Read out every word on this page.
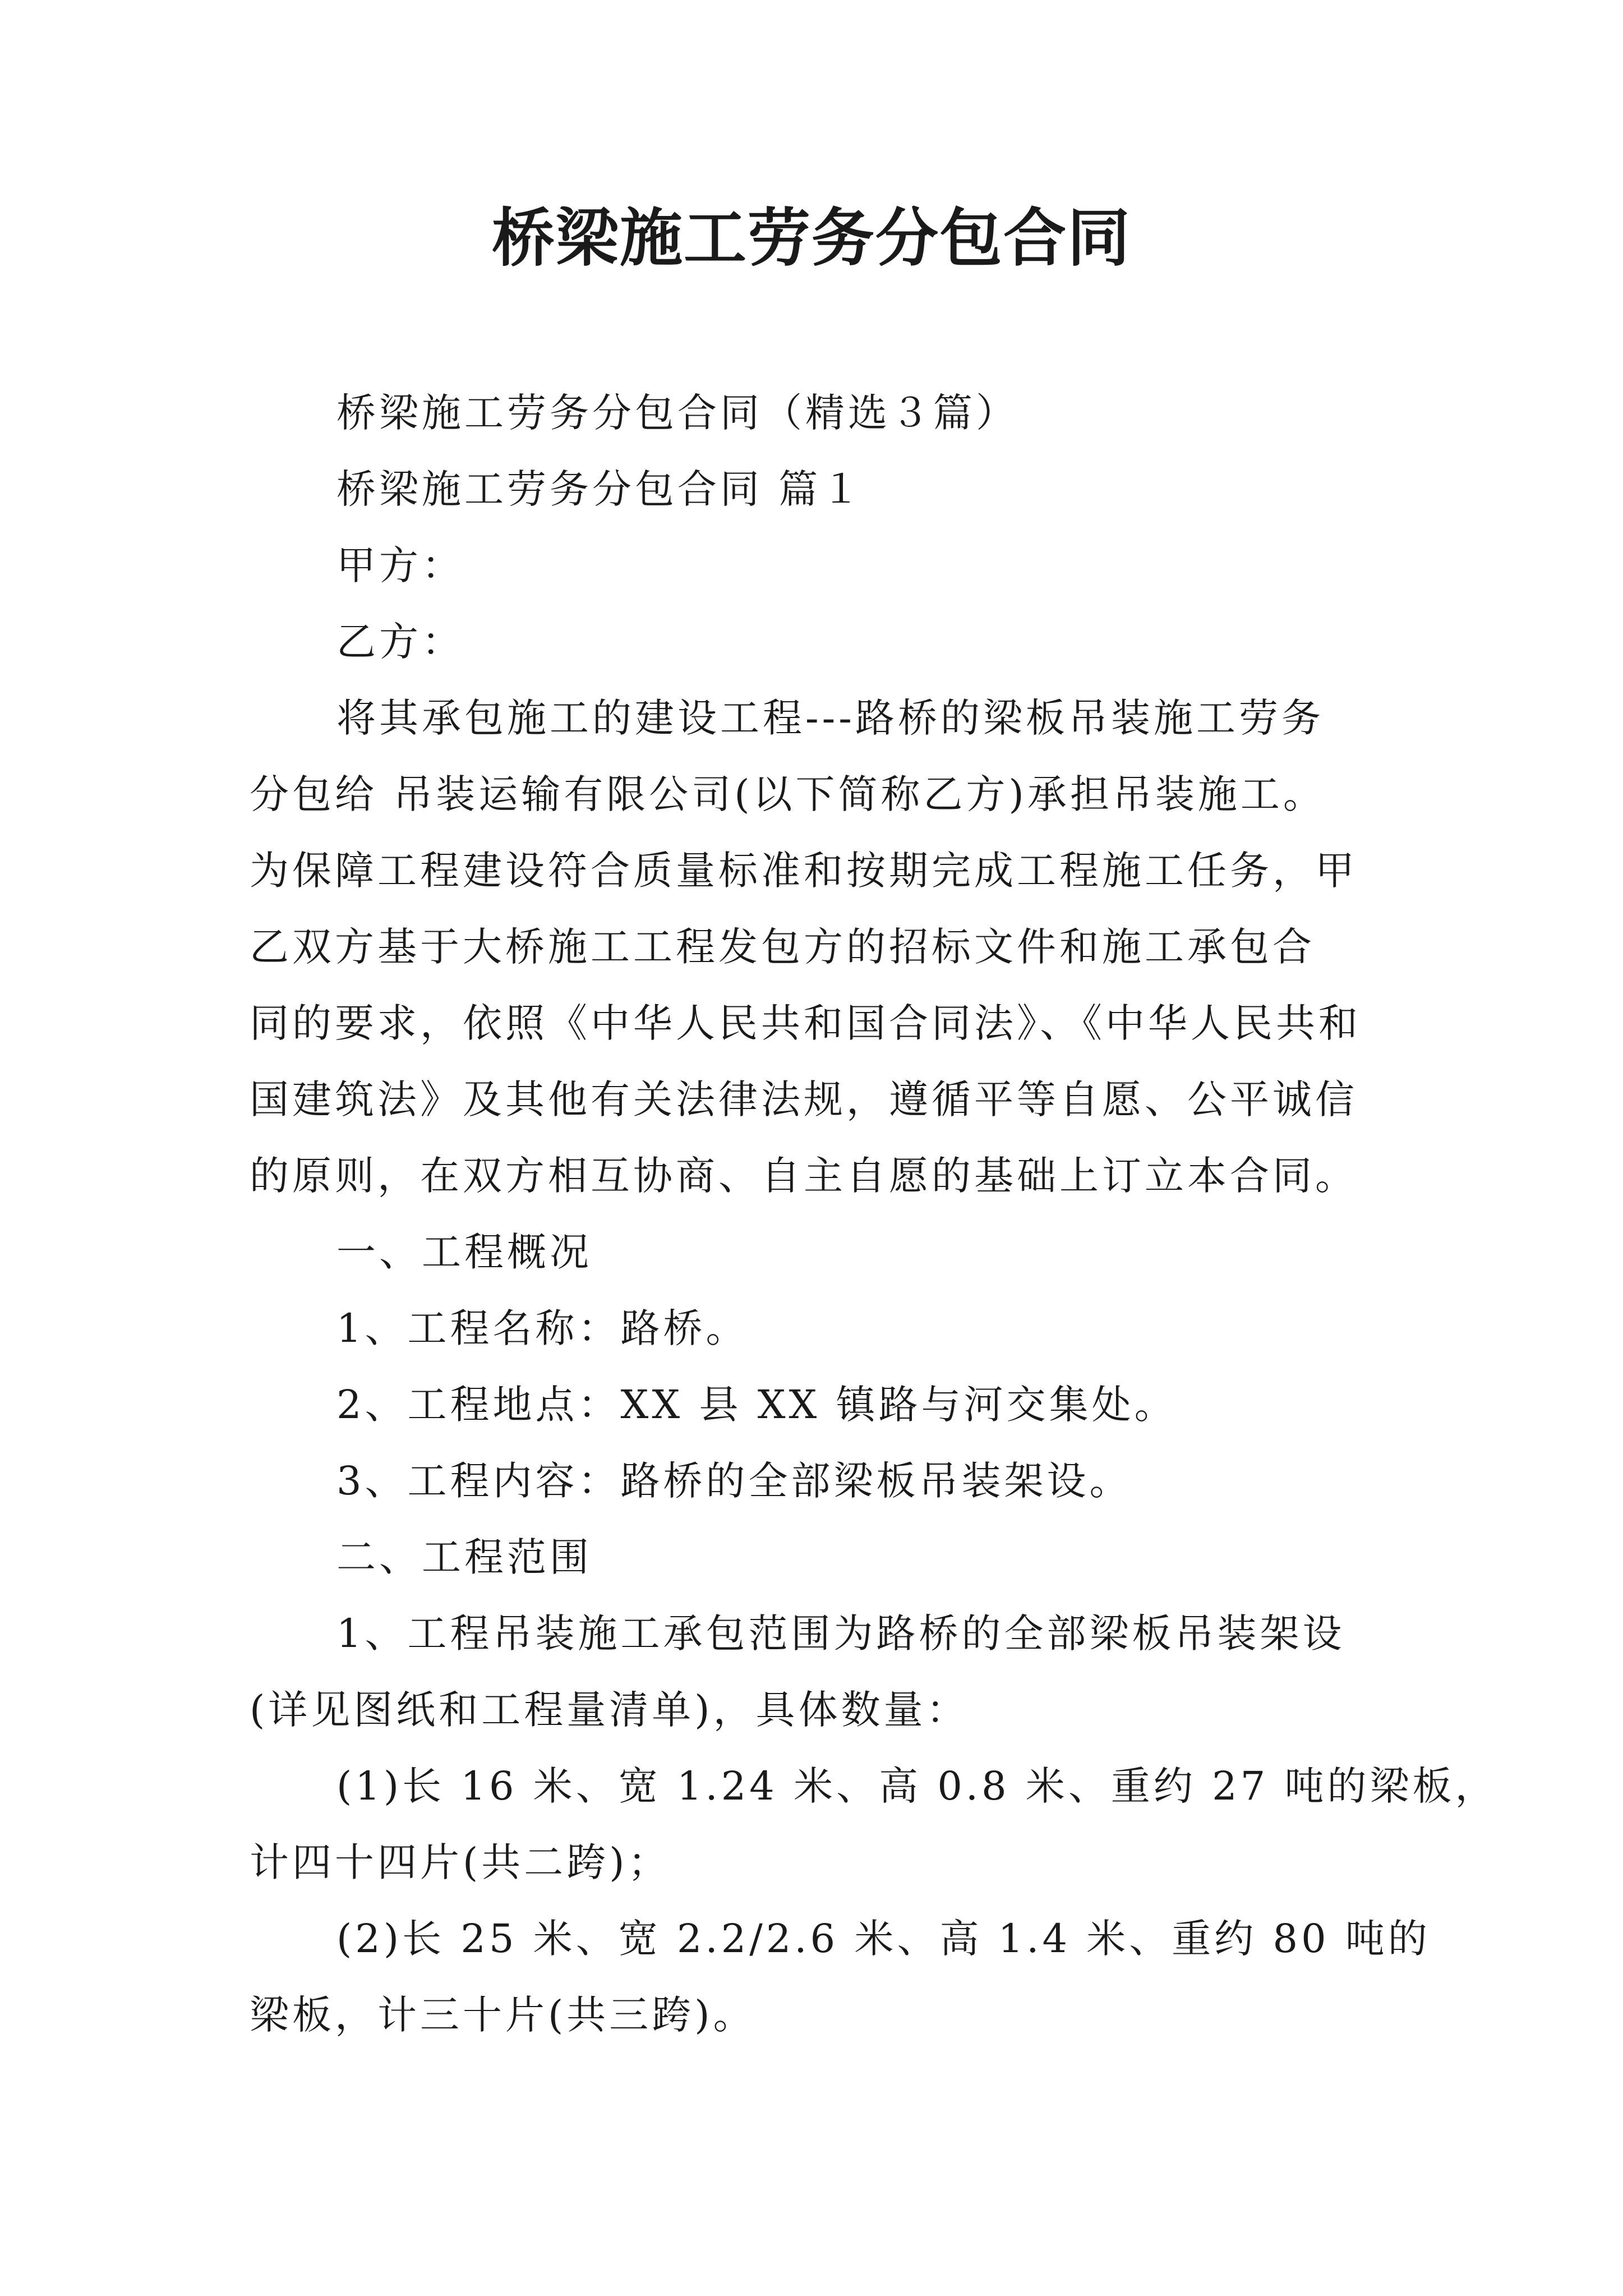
桥梁施工劳务分包合同

桥梁施工劳务分包合同（精选３篇）

桥梁施工劳务分包合同 篇１

甲方：

乙方：

将其承包施工的建设工程---路桥的梁板吊装施工劳务

分包给 吊装运输有限公司(以下简称乙方)承担吊装施工。

为保障工程建设符合质量标准和按期完成工程施工任务，甲

乙双方基于大桥施工工程发包方的招标文件和施工承包合

同的要求，依照《中华人民共和国合同法》、《中华人民共和

国建筑法》及其他有关法律法规，遵循平等自愿、公平诚信

的原则，在双方相互协商、自主自愿的基础上订立本合同。

一、工程概况

1、工程名称：路桥。

2、工程地点：XX 县 XX 镇路与河交集处。

3、工程内容：路桥的全部梁板吊装架设。

二、工程范围

1、工程吊装施工承包范围为路桥的全部梁板吊装架设

(详见图纸和工程量清单)，具体数量：

(1)长 16 米、宽 1.24 米、高 0.8 米、重约 27 吨的梁板，

计四十四片(共二跨)；

(2)长 25 米、宽 2.2/2.6 米、高 1.4 米、重约 80 吨的

梁板，计三十片(共三跨)。
